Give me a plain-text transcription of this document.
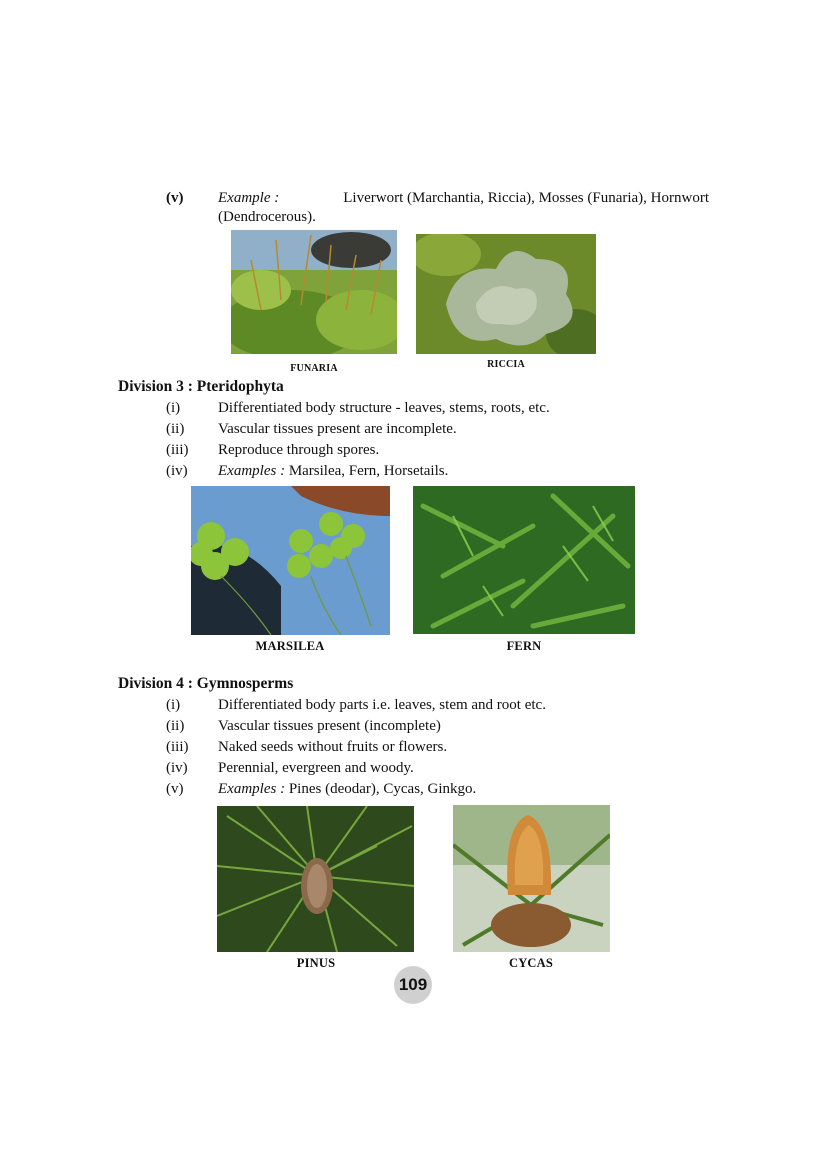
(v) Example :	Liverwort (Marchantia, Riccia), Mosses (Funaria), Hornwort
(Dendrocerous).
FUNARIA	RICCIA
Division 3 : Pteridophyta
(i)	Differentiated body structure - leaves, stems, roots, etc.
(ii) Vascular tissues present are incomplete.
(iii) Reproduce through spores.
(iv) Examples : Marsilea, Fern, Horsetails.
MARSILEA	FERN
Division 4 : Gymnosperms
(i)	Differentiated body parts i.e. leaves, stem and root etc.
(ii) Vascular tissues present (incomplete)
(iii) Naked seeds without fruits or flowers.
(iv) Perennial, evergreen and woody.
(v) Examples : Pines (deodar), Cycas, Ginkgo.
PINUS	CYCAS
109
